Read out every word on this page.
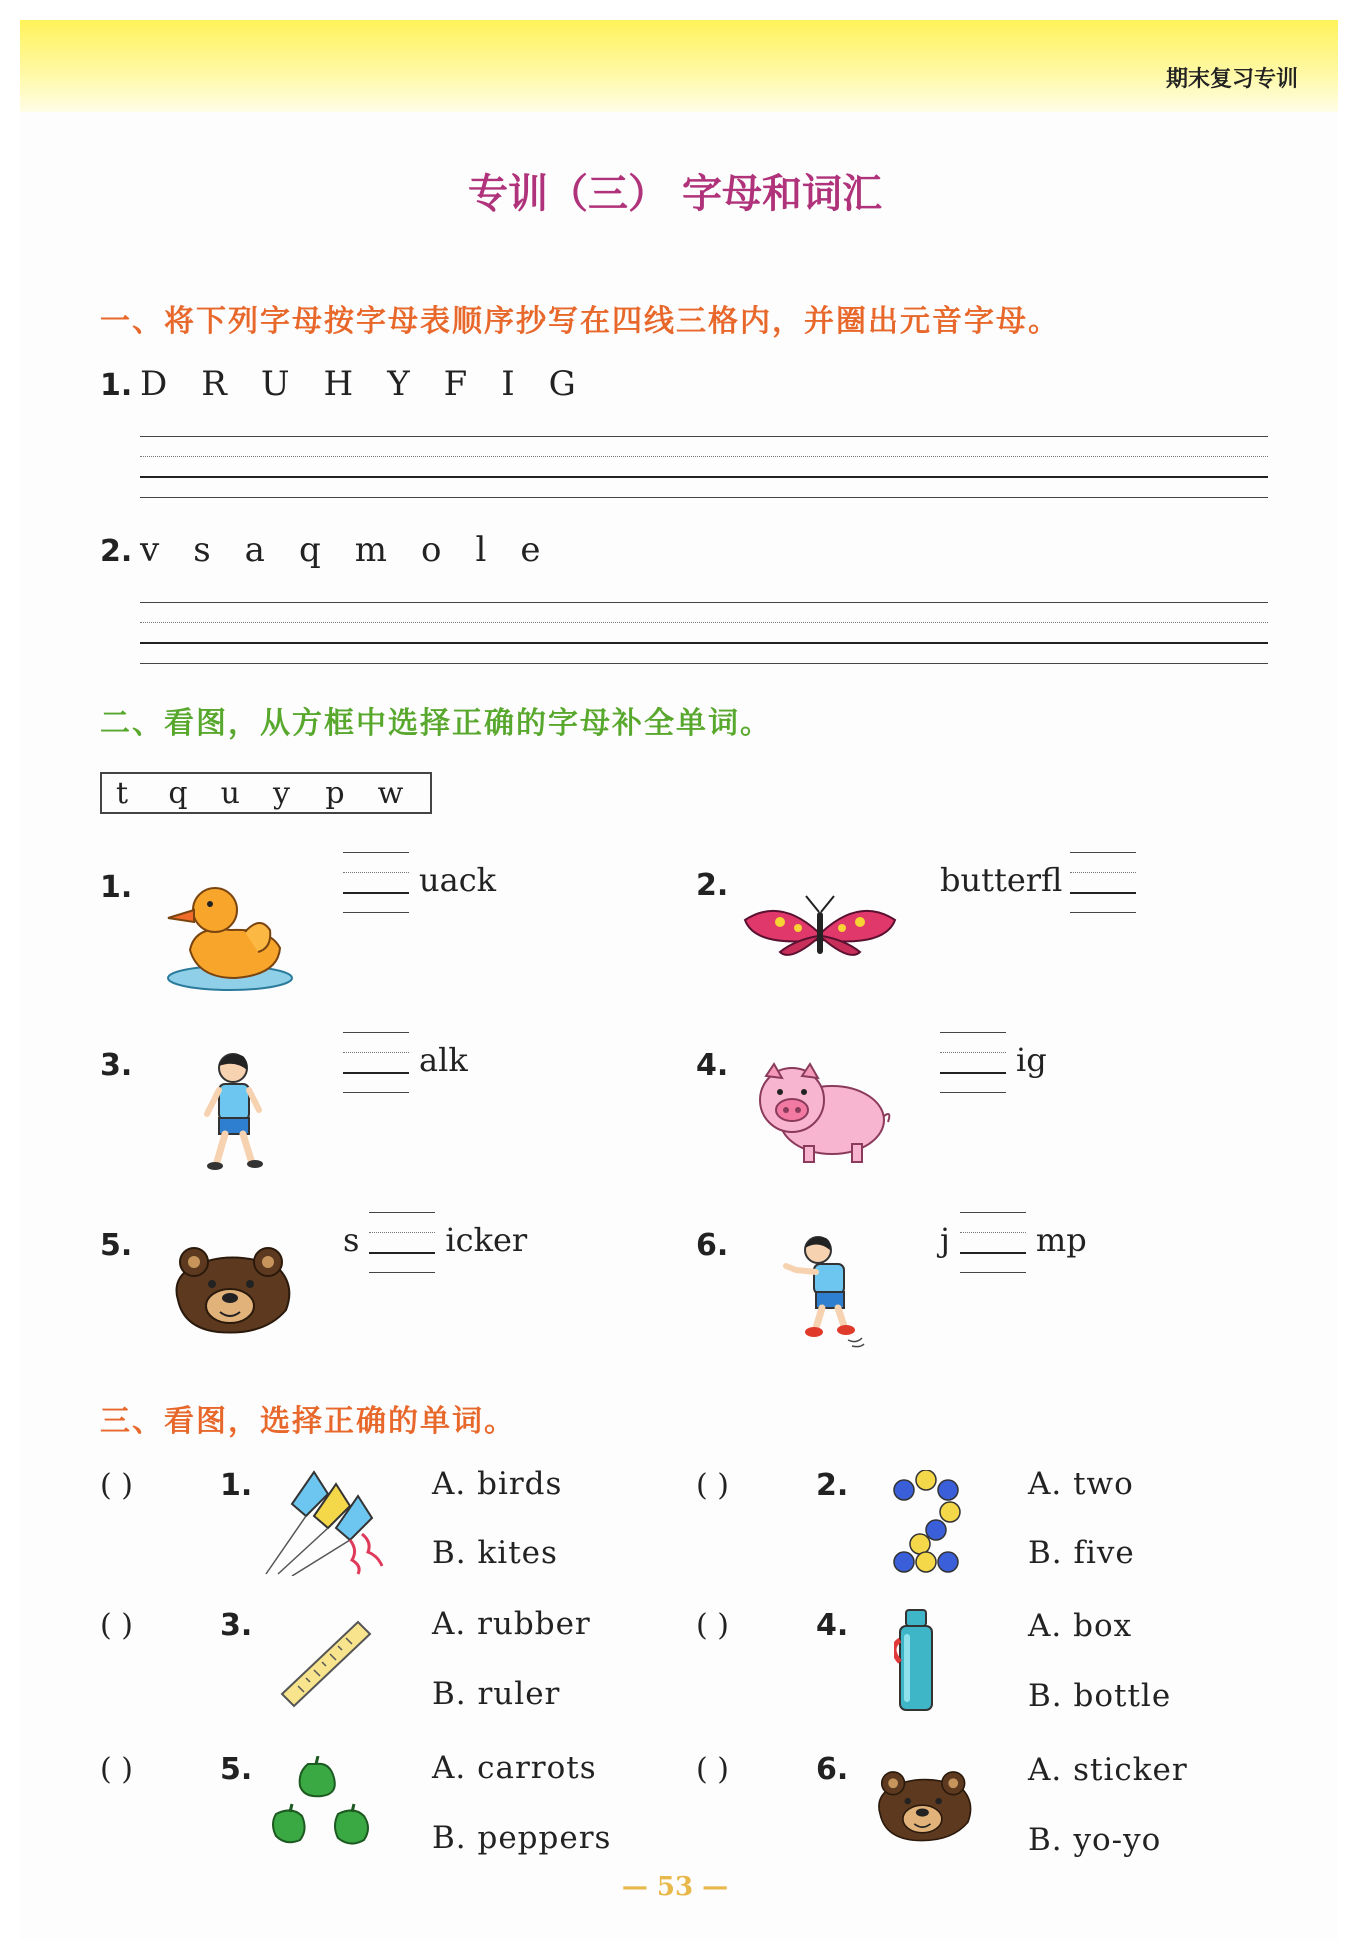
期末复习专训
专训（三） 字母和词汇
一、将下列字母按字母表顺序抄写在四线三格内，并圈出元音字母。
1. D R U H Y F I G
2. v s a q m o l e
二、看图，从方框中选择正确的字母补全单词。
t	q	u	y	p	w
1.	uack	2.	butterfl
3.	alk	4.	ig
5.	s	icker	6.	j	mp
三、看图，选择正确的单词。
( )	1.	A. birds
B. kites
( )	2.	A. two
B. five
( )	3.	A. rubber
B. ruler
( )	4.	A. box
B. bottle
( )	5.	A. carrots
B. peppers
( )	6.	A. sticker
B. yo-yo
— 53 —
